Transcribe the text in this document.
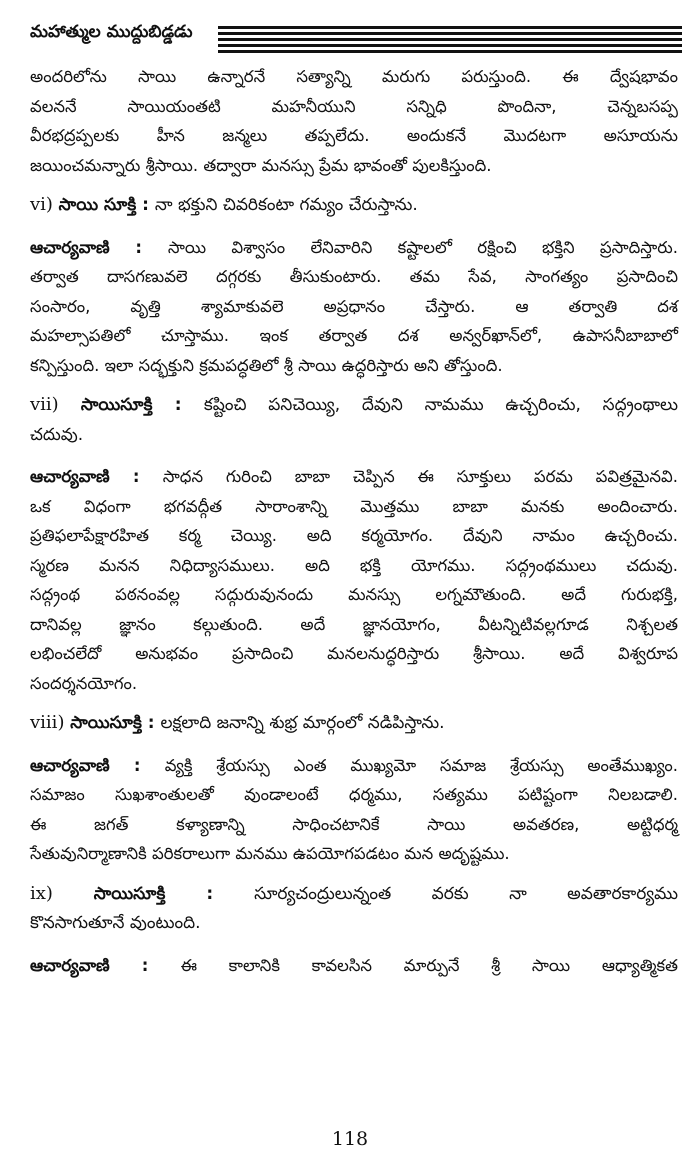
మహాత్ముల ముద్దుబిడ్డడు
అందరిలోను సాయి ఉన్నారనే సత్యాన్ని మరుగు పరుస్తుంది. ఈ ద్వేషభావం
వలననే సాయియంతటి మహనీయుని సన్నిధి పొందినా, చెన్నబసప్ప
వీరభద్రప్పలకు హీన జన్మలు తప్పలేదు. అందుకనే మొదటగా అసూయను
జయించమన్నారు శ్రీసాయి. తద్వారా మనస్సు ప్రేమ భావంతో పులకిస్తుంది.
vi) సాయి సూక్తి : నా భక్తుని చివరికంటా గమ్యం చేరుస్తాను.
ఆచార్యవాణి : సాయి విశ్వాసం లేనివారిని కష్టాలలో రక్షించి భక్తిని ప్రసాదిస్తారు.
తర్వాత దాసగణువలె దగ్గరకు తీసుకుంటారు. తమ సేవ, సాంగత్యం ప్రసాదించి
సంసారం, వృత్తి శ్యామాకువలె అప్రధానం చేస్తారు. ఆ తర్వాతి దశ
మహల్సాపతిలో చూస్తాము. ఇంక తర్వాత దశ అన్వర్‌ఖాన్‌లో, ఉపాసనీబాబాలో
కన్పిస్తుంది. ఇలా సద్భక్తుని క్రమపద్ధతిలో శ్రీ సాయి ఉద్ధరిస్తారు అని తోస్తుంది.
vii) సాయిసూక్తి : కష్టించి పనిచెయ్యి, దేవుని నామము ఉచ్చరించు, సద్గ్రంథాలు
చదువు.
ఆచార్యవాణి : సాధన గురించి బాబా చెప్పిన ఈ సూక్తులు పరమ పవిత్రమైనవి.
ఒక విధంగా భగవద్గీత సారాంశాన్ని మొత్తము బాబా మనకు అందించారు.
ప్రతిఫలాపేక్షారహిత కర్మ చెయ్యి. అది కర్మయోగం. దేవుని నామం ఉచ్చరించు.
స్మరణ మనన నిధిద్యాసములు. అది భక్తి యోగము. సద్గ్రంథములు చదువు.
సద్గ్రంథ పఠనంవల్ల సద్గురువునందు మనస్సు లగ్నమౌతుంది. అదే గురుభక్తి,
దానివల్ల జ్ఞానం కల్గుతుంది. అదే జ్ఞానయోగం, వీటన్నిటివల్లగూడ నిశ్చలత
లభించలేదో అనుభవం ప్రసాదించి మనలనుద్ధరిస్తారు శ్రీసాయి. అదే విశ్వరూప
సందర్శనయోగం.
viii) సాయిసూక్తి : లక్షలాది జనాన్ని శుభ్ర మార్గంలో నడిపిస్తాను.
ఆచార్యవాణి : వ్యక్తి శ్రేయస్సు ఎంత ముఖ్యమో సమాజ శ్రేయస్సు అంతేముఖ్యం.
సమాజం సుఖశాంతులతో వుండాలంటే ధర్మము, సత్యము పటిష్టంగా నిలబడాలి.
ఈ జగత్ కళ్యాణాన్ని సాధించటానికే సాయి అవతరణ, అట్టిధర్మ
సేతువునిర్మాణానికి పరికరాలుగా మనము ఉపయోగపడటం మన అదృష్టము.
ix) సాయిసూక్తి : సూర్యచంద్రులున్నంత వరకు నా అవతారకార్యము
కొనసాగుతూనే వుంటుంది.
ఆచార్యవాణి : ఈ కాలానికి కావలసిన మార్పునే శ్రీ సాయి ఆధ్యాత్మికత
118
